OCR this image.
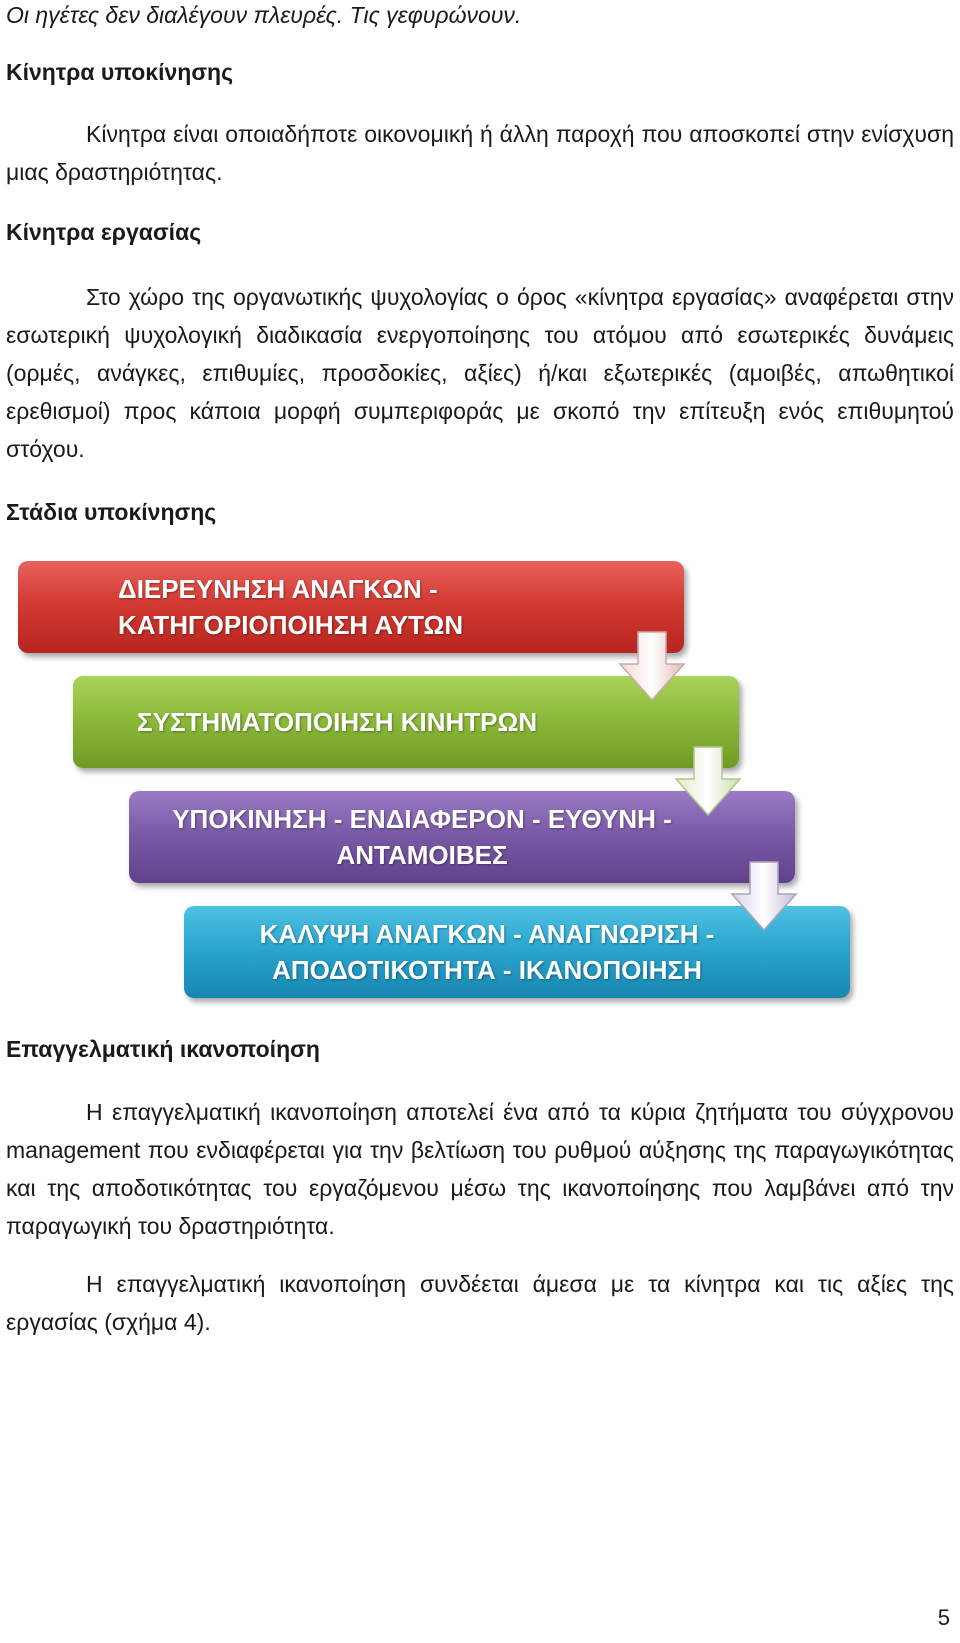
Οι ηγέτες δεν διαλέγουν πλευρές. Τις γεφυρώνουν.
Κίνητρα υποκίνησης
Κίνητρα είναι οποιαδήποτε οικονομική ή άλλη παροχή που αποσκοπεί στην ενίσχυση μιας δραστηριότητας.
Κίνητρα εργασίας
Στο χώρο της οργανωτικής ψυχολογίας ο όρος «κίνητρα εργασίας» αναφέρεται στην εσωτερική ψυχολογική διαδικασία ενεργοποίησης του ατόμου από εσωτερικές δυνάμεις (ορμές, ανάγκες, επιθυμίες, προσδοκίες, αξίες) ή/και εξωτερικές (αμοιβές, απωθητικοί ερεθισμοί) προς κάποια μορφή συμπεριφοράς με σκοπό την επίτευξη ενός επιθυμητού στόχου.
Στάδια υποκίνησης
ΔΙΕΡΕΥΝΗΣΗ ΑΝΑΓΚΩΝ -
ΚΑΤΗΓΟΡΙΟΠΟΙΗΣΗ ΑΥΤΩΝ
ΣΥΣΤΗΜΑΤΟΠΟΙΗΣΗ ΚΙΝΗΤΡΩΝ
ΥΠΟΚΙΝΗΣΗ - ΕΝΔΙΑΦΕΡΟΝ - ΕΥΘΥΝΗ -
ΑΝΤΑΜΟΙΒΕΣ
ΚΑΛΥΨΗ ΑΝΑΓΚΩΝ - ΑΝΑΓΝΩΡΙΣΗ -
ΑΠΟΔΟΤΙΚΟΤΗΤΑ - ΙΚΑΝΟΠΟΙΗΣΗ
Επαγγελματική ικανοποίηση
Η επαγγελματική ικανοποίηση αποτελεί ένα από τα κύρια ζητήματα του σύγχρονου management που ενδιαφέρεται για την βελτίωση του ρυθμού αύξησης της παραγωγικότητας και της αποδοτικότητας του εργαζόμενου μέσω της ικανοποίησης που λαμβάνει από την παραγωγική του δραστηριότητα.
Η επαγγελματική ικανοποίηση συνδέεται άμεσα με τα κίνητρα και τις αξίες της εργασίας (σχήμα 4).
5
